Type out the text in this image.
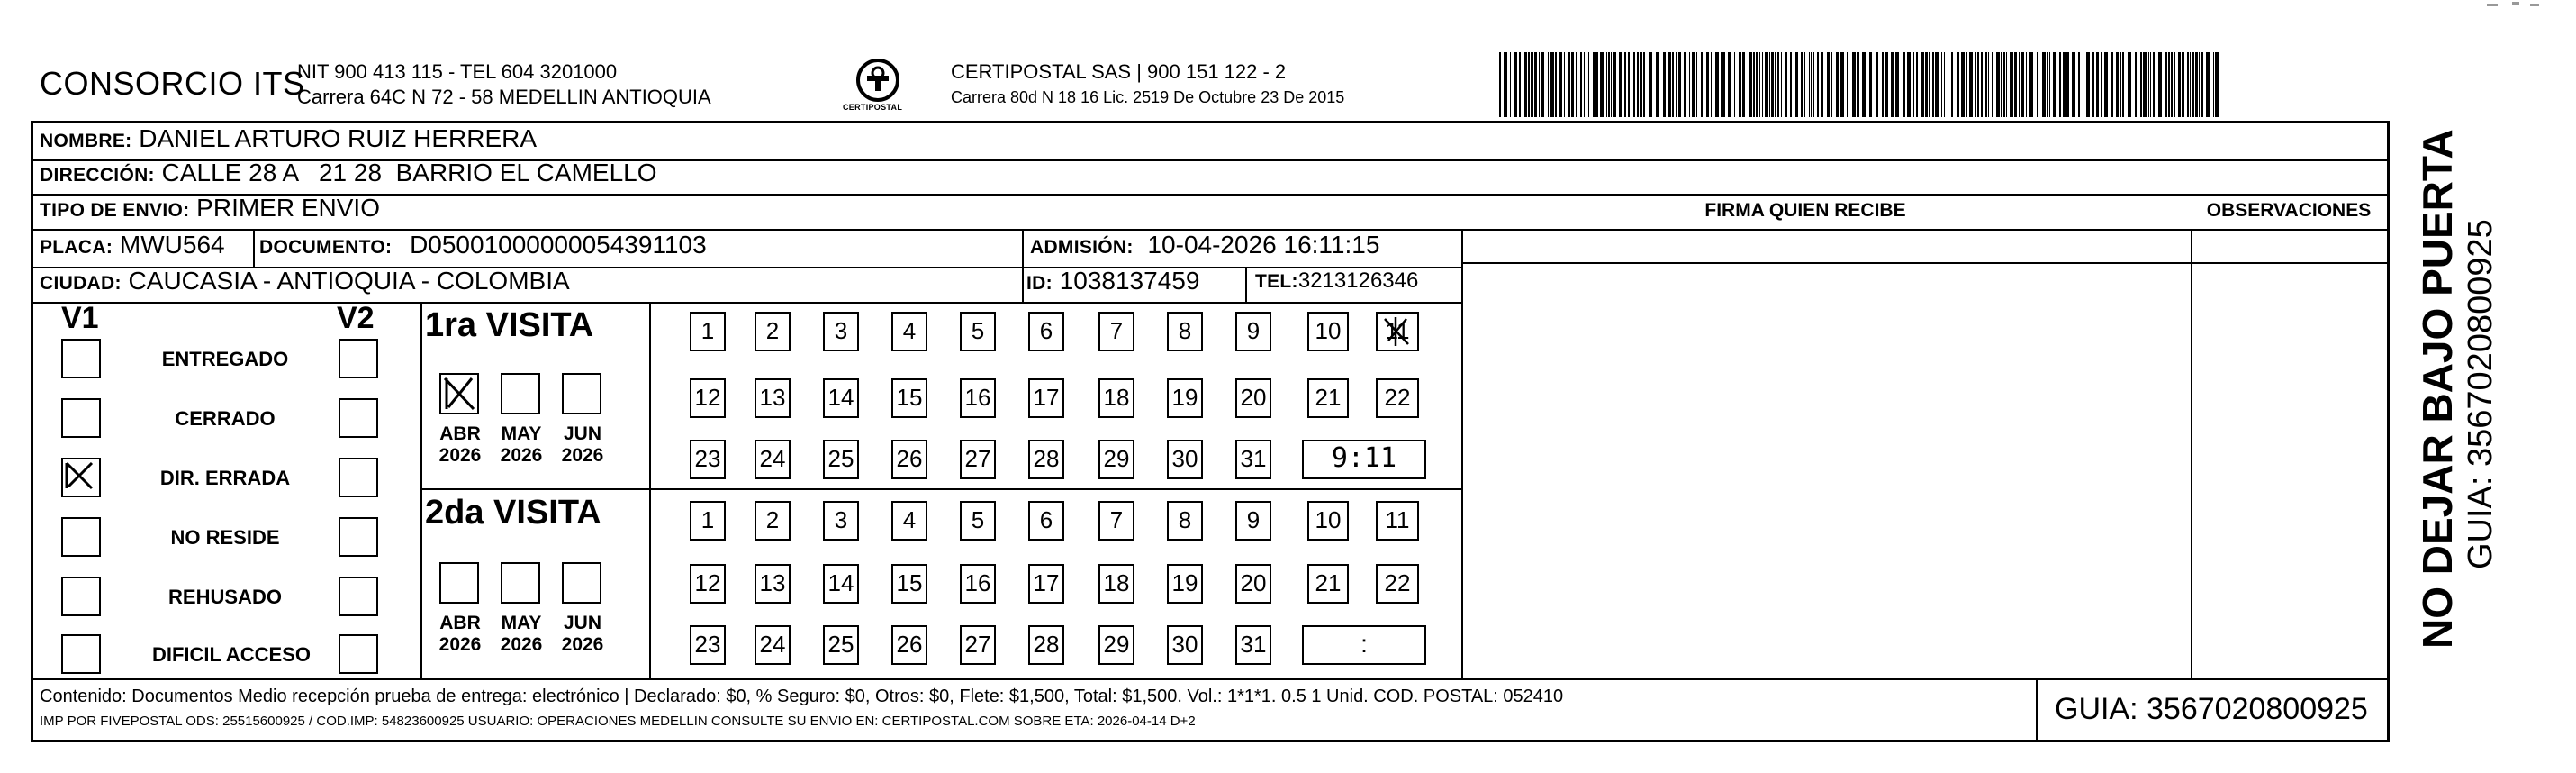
CONSORCIO ITS
NIT 900 413 115 - TEL 604 3201000
Carrera 64C N 72 - 58 MEDELLIN ANTIOQUIA	CERTIPOSTAL
CERTIPOSTAL SAS | 900 151 122 - 2
Carrera 80d N 18 16 Lic. 2519 De Octubre 23 De 2015
NOMBRE: DANIEL ARTURO RUIZ HERRERA
DIRECCIÓN: CALLE 28 A   21 28  BARRIO EL CAMELLO
TIPO DE ENVIO: PRIMER ENVIO	FIRMA QUIEN RECIBE	OBSERVACIONES
PLACA: MWU564 DOCUMENTO: D05001000000054391103	ADMISIÓN: 10-04-2026 16:11:15
CIUDAD: CAUCASIA - ANTIOQUIA - COLOMBIA	ID: 1038137459	TEL:3213126346
V1	V2
ENTREGADO
CERRADO
DIR. ERRADA
NO RESIDE
REHUSADO
DIFICIL ACCESO
1ra VISITA
2da VISITA
ABR
2026
MAY
2026
JUN
2026
1	2	3	4	5	6	7	8	9	10	11
12 13 14 15 16 17 18 19 20	21	22
23 24 25 26 27 28 29 30 31	9:11
ABR
2026
MAY
2026
JUN
2026
1	2	3	4	5	6	7	8	9	10	11
12 13 14 15 16 17 18 19 20	21	22
23 24 25 26 27 28 29 30 31	:
Contenido: Documentos Medio recepción prueba de entrega: electrónico | Declarado: $0, % Seguro: $0, Otros: $0, Flete: $1,500, Total: $1,500. Vol.: 1*1*1. 0.5 1 Unid. COD. POSTAL: 052410
IMP POR FIVEPOSTAL ODS: 25515600925 / COD.IMP: 54823600925 USUARIO: OPERACIONES MEDELLIN CONSULTE SU ENVIO EN: CERTIPOSTAL.COM SOBRE ETA: 2026-04-14 D+2	GUIA: 3567020800925
NO DEJAR BAJO PUERTA GUIA: 3567020800925
